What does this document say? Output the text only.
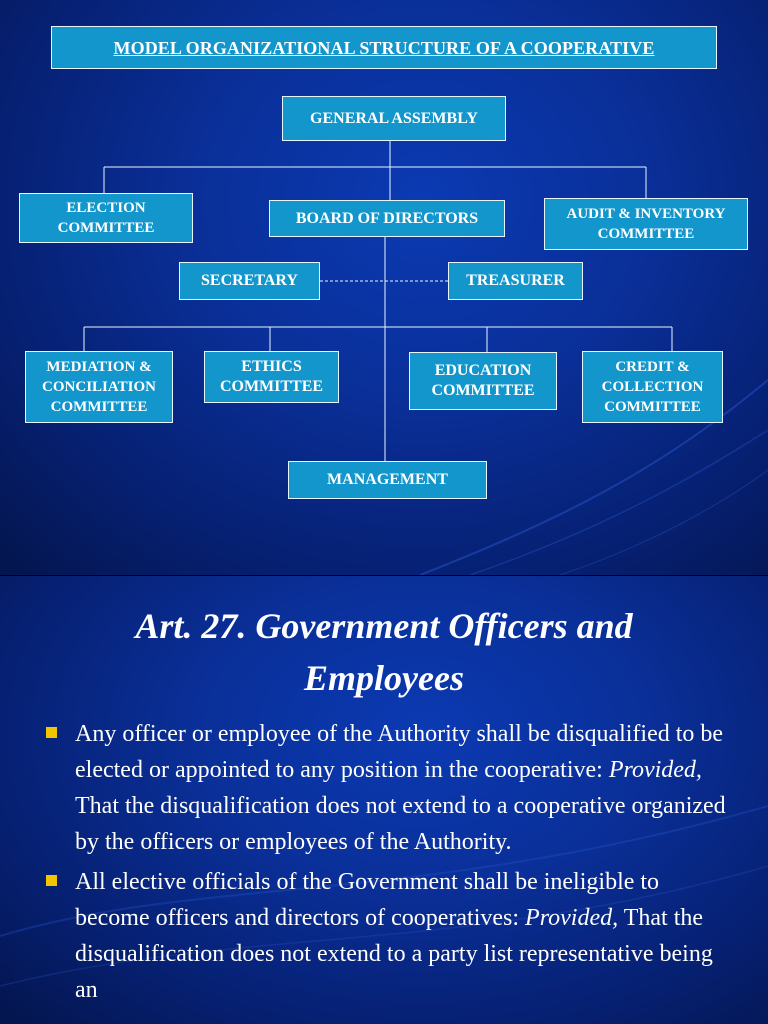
MODEL ORGANIZATIONAL STRUCTURE OF A COOPERATIVE
GENERAL ASSEMBLY
ELECTION
COMMITTEE
BOARD OF DIRECTORS	AUDIT & INVENTORY
COMMITTEE
SECRETARY	TREASURER
MEDIATION &
CONCILIATION
COMMITTEE
ETHICS
COMMITTEE
EDUCATION
COMMITTEE
CREDIT &
COLLECTION
COMMITTEE
MANAGEMENT
Art. 27. Government Officers and
Employees
Any officer or employee of the Authority shall be disqualified to be elected or appointed to any position in the cooperative: Provided, That the disqualification does not extend to a cooperative organized by the officers or employees of the Authority.
All elective officials of the Government shall be ineligible to become officers and directors of cooperatives: Provided, That the disqualification does not extend to a party list representative being an
